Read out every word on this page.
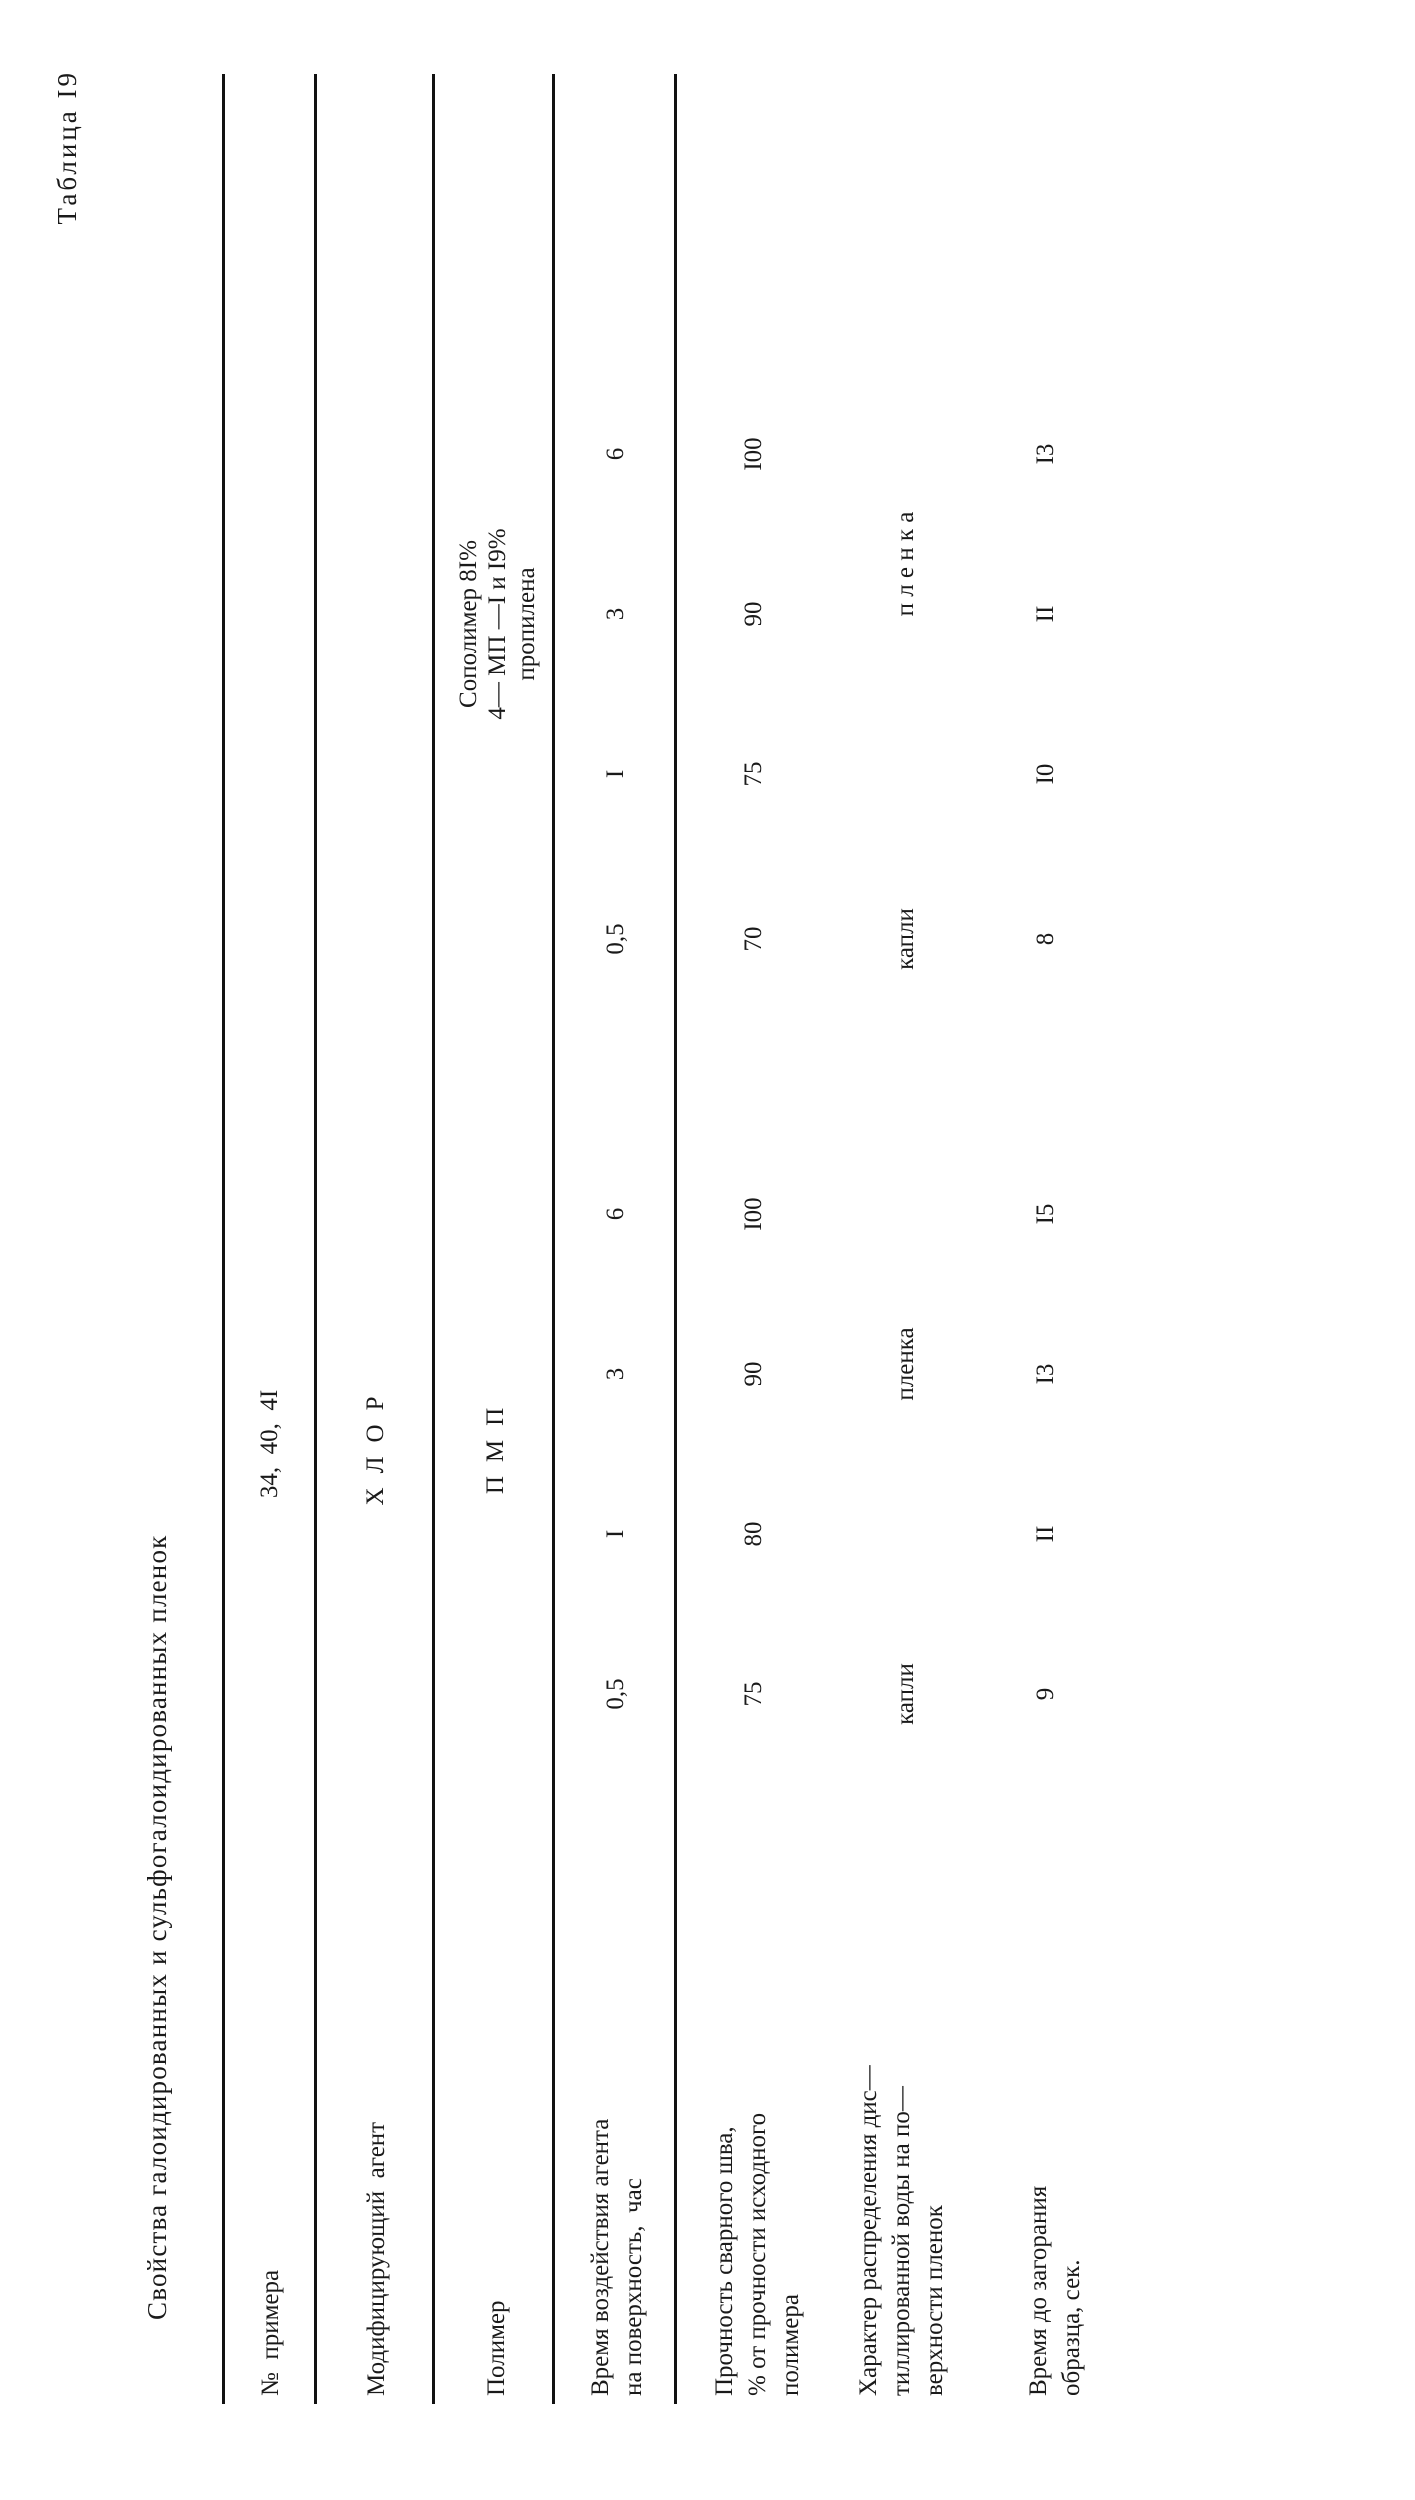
Таблица I9
Свойства галоидированных и сульфогалоидированных пленок
№  примера
34,  40,  4I
Модифицирующий  агент
ХЛОР
Полимер
ПМП
Сополимер 8I%
4— МП —I и I9%
пропилена
Время воздействия агента
на поверхность,  час
0,5
I
3
6
0,5
I
3
6
Прочность сварного шва,
% от прочности исходного
полимера
75
80
90
I00
70
75
90
I00
Характер распределения дис—
тиллированной воды на по—
верхности пленок
капли
пленка
капли
п л е н к а
Время до загорания
образца, сек.
9
II
I3
I5
8
I0
II
I3
